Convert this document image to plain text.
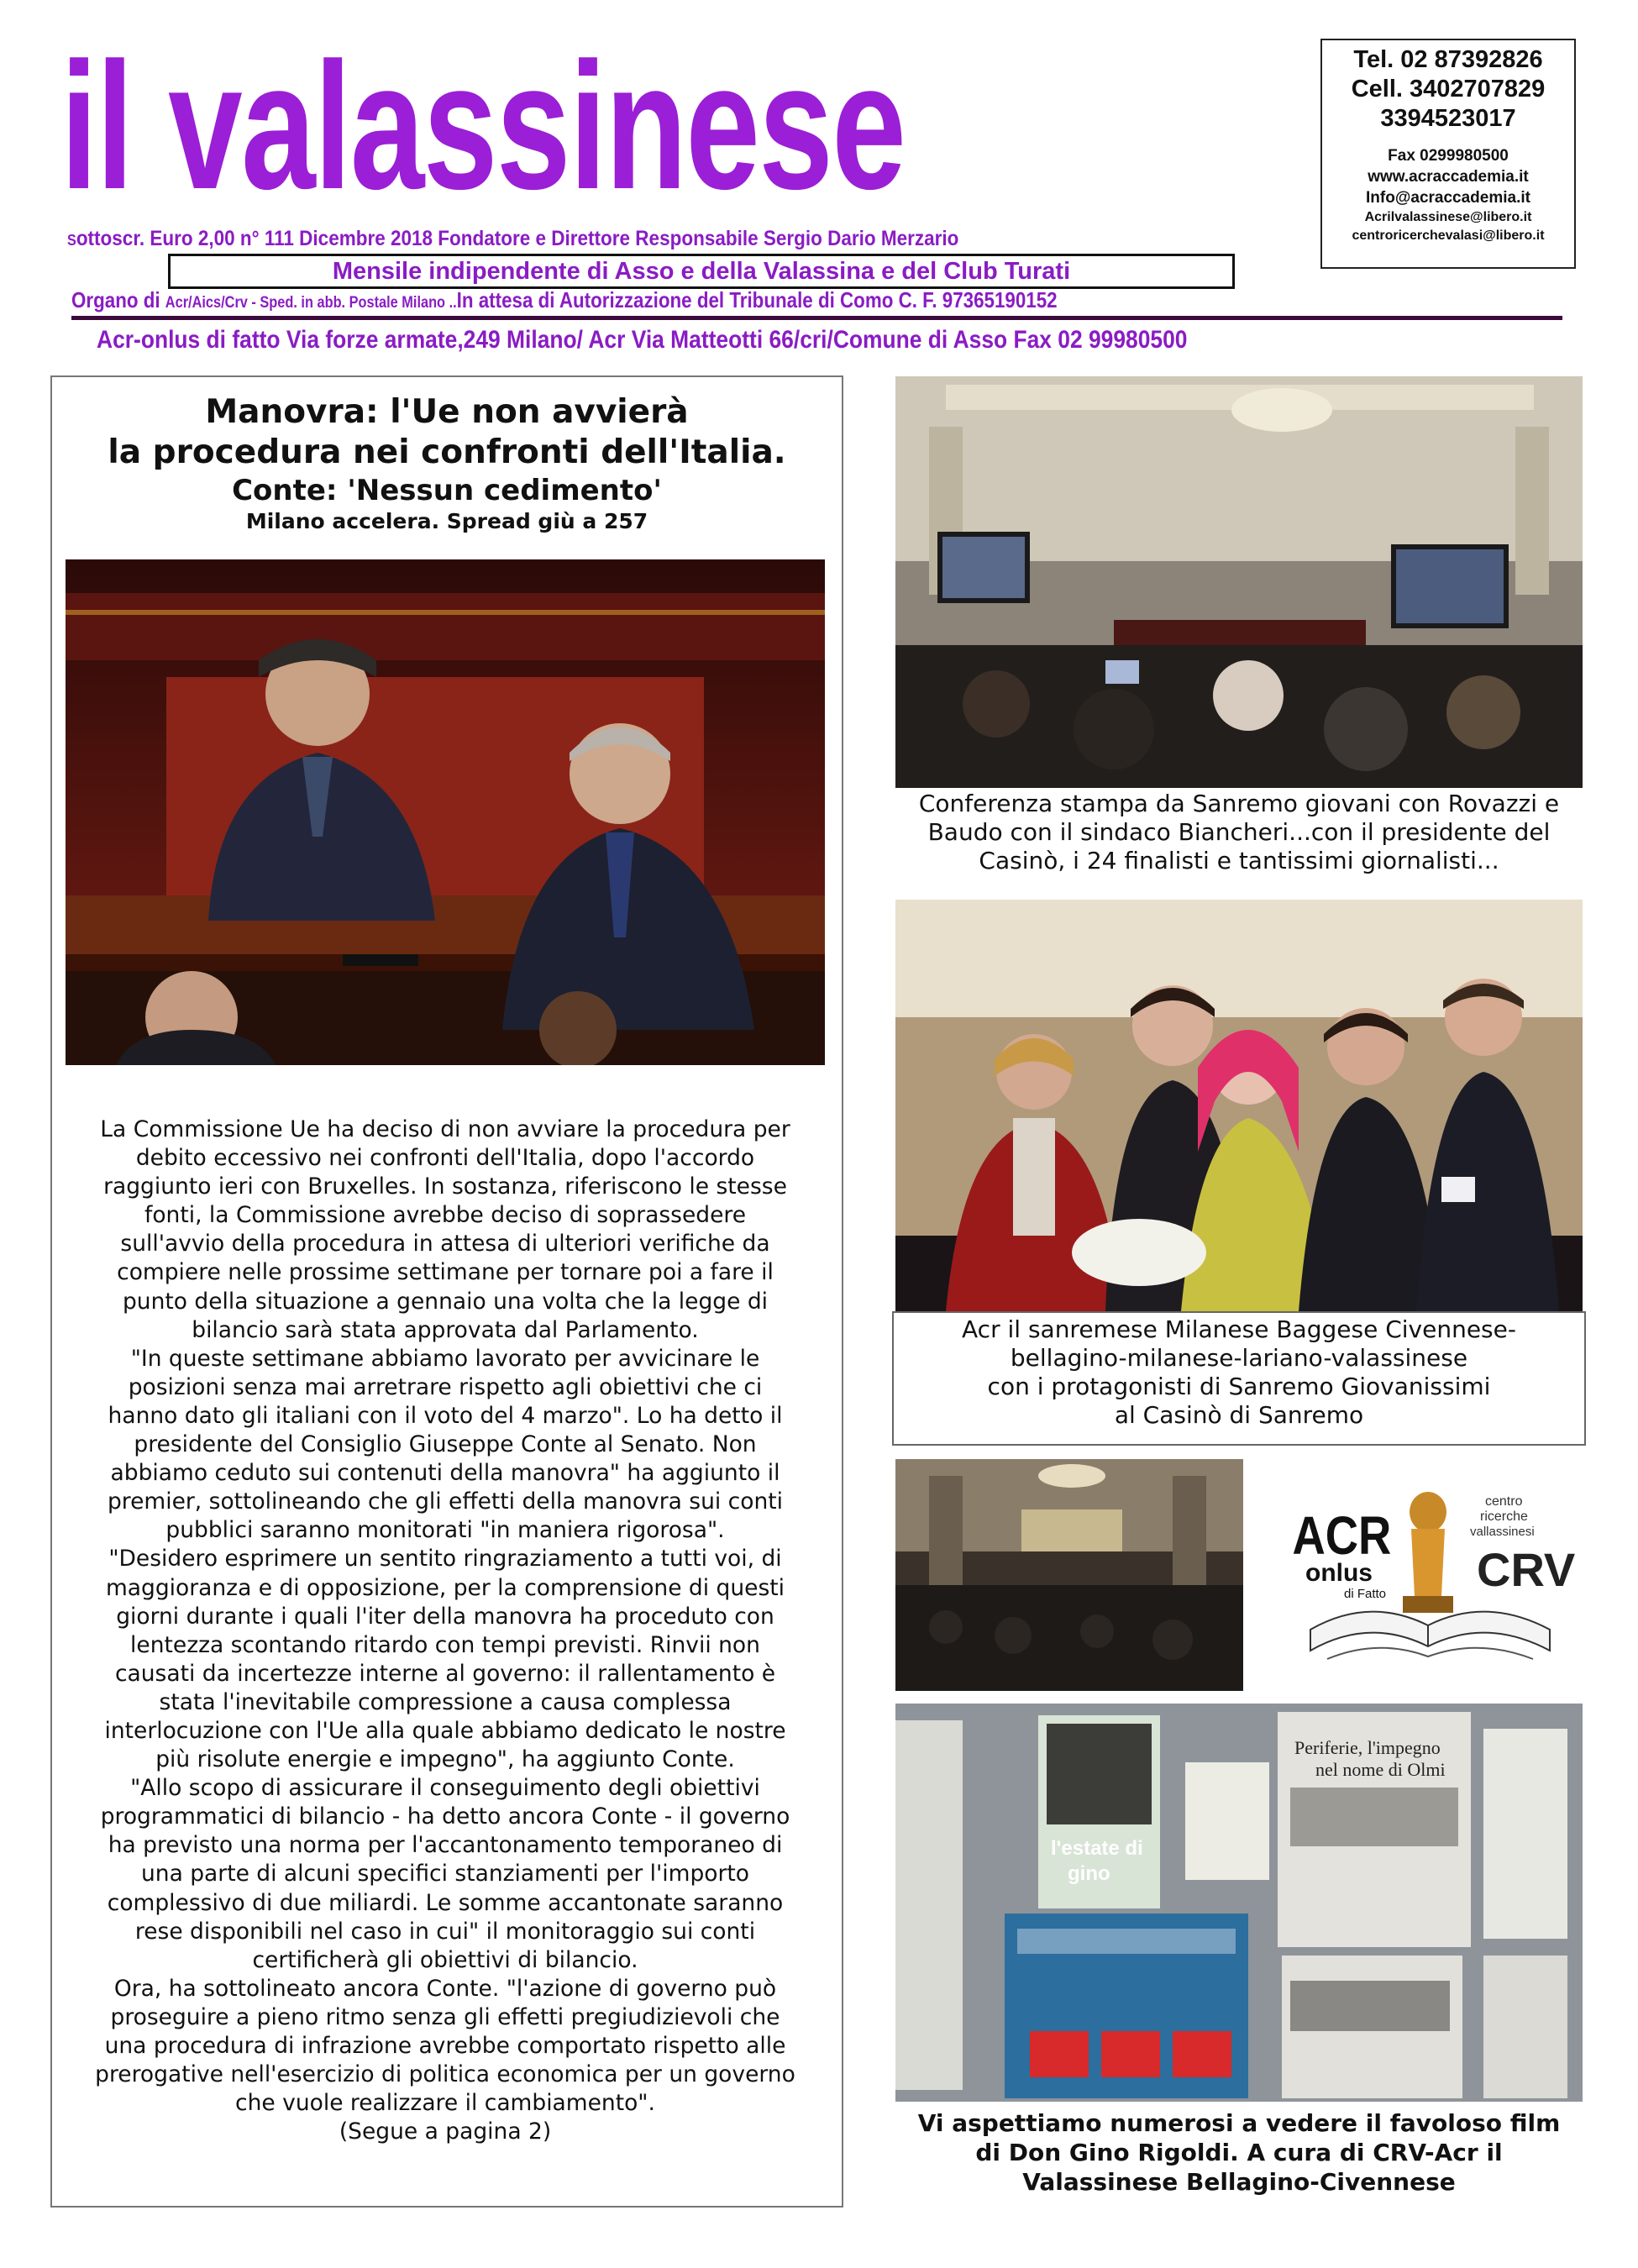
il valassinese
Sottoscr. Euro 2,00 n° 111 Dicembre 2018 Fondatore e Direttore Responsabile Sergio Dario Merzario
Mensile indipendente di Asso e della Valassina e del Club Turati
Organo di Acr/Aics/Crv - Sped. in abb. Postale Milano ..In attesa di Autorizzazione del Tribunale di Como C. F. 97365190152
Acr-onlus di fatto Via forze armate,249 Milano/ Acr Via Matteotti 66/cri/Comune di Asso Fax 02 99980500
Tel. 02 87392826
Cell. 3402707829
3394523017
Fax 0299980500
www.acraccademia.it
Info@acraccademia.it
Acrilvalassinese@libero.it
centroricerchevalasi@libero.it
Manovra: l'Ue non avvierà
la procedura nei confronti dell'Italia.
Conte: 'Nessun cedimento'
Milano accelera. Spread giù a 257
La Commissione Ue ha deciso di non avviare la procedura per
debito eccessivo nei confronti dell'Italia, dopo l'accordo
raggiunto ieri con Bruxelles. In sostanza, riferiscono le stesse
fonti, la Commissione avrebbe deciso di soprassedere
sull'avvio della procedura in attesa di ulteriori verifiche da
compiere nelle prossime settimane per tornare poi a fare il
punto della situazione a gennaio una volta che la legge di
bilancio sarà stata approvata dal Parlamento.
"In queste settimane abbiamo lavorato per avvicinare le
posizioni senza mai arretrare rispetto agli obiettivi che ci
hanno dato gli italiani con il voto del 4 marzo". Lo ha detto il
presidente del Consiglio Giuseppe Conte al Senato. Non
abbiamo ceduto sui contenuti della manovra" ha aggiunto il
premier, sottolineando che gli effetti della manovra sui conti
pubblici saranno monitorati "in maniera rigorosa".
"Desidero esprimere un sentito ringraziamento a tutti voi, di
maggioranza e di opposizione, per la comprensione di questi
giorni durante i quali l'iter della manovra ha proceduto con
lentezza scontando ritardo con tempi previsti. Rinvii non
causati da incertezze interne al governo: il rallentamento è
stata l'inevitabile compressione a causa complessa
interlocuzione con l'Ue alla quale abbiamo dedicato le nostre
più risolute energie e impegno", ha aggiunto Conte.
"Allo scopo di assicurare il conseguimento degli obiettivi
programmatici di bilancio - ha detto ancora Conte - il governo
ha previsto una norma per l'accantonamento temporaneo di
una parte di alcuni specifici stanziamenti per l'importo
complessivo di due miliardi. Le somme accantonate saranno
rese disponibili nel caso in cui" il monitoraggio sui conti
certificherà gli obiettivi di bilancio.
Ora, ha sottolineato ancora Conte. "l'azione di governo può
proseguire a pieno ritmo senza gli effetti pregiudizievoli che
una procedura di infrazione avrebbe comportato rispetto alle
prerogative nell'esercizio di politica economica per un governo
che vuole realizzare il cambiamento".
(Segue a pagina 2)
Conferenza stampa da Sanremo giovani con Rovazzi e
Baudo con il sindaco Biancheri...con il presidente del
Casinò, i 24 finalisti e tantissimi giornalisti...
Acr il sanremese Milanese Baggese Civennese-
bellagino-milanese-lariano-valassinese
con i protagonisti di Sanremo Giovanissimi
al Casinò di Sanremo
ACR
onlus
di Fatto
centro
ricerche
vallassinesi
CRV
l'estate di
gino
Periferie, l'impegno
nel nome di Olmi
Vi aspettiamo numerosi a vedere il favoloso film
di Don Gino Rigoldi. A cura di CRV-Acr il
Valassinese Bellagino-Civennese
